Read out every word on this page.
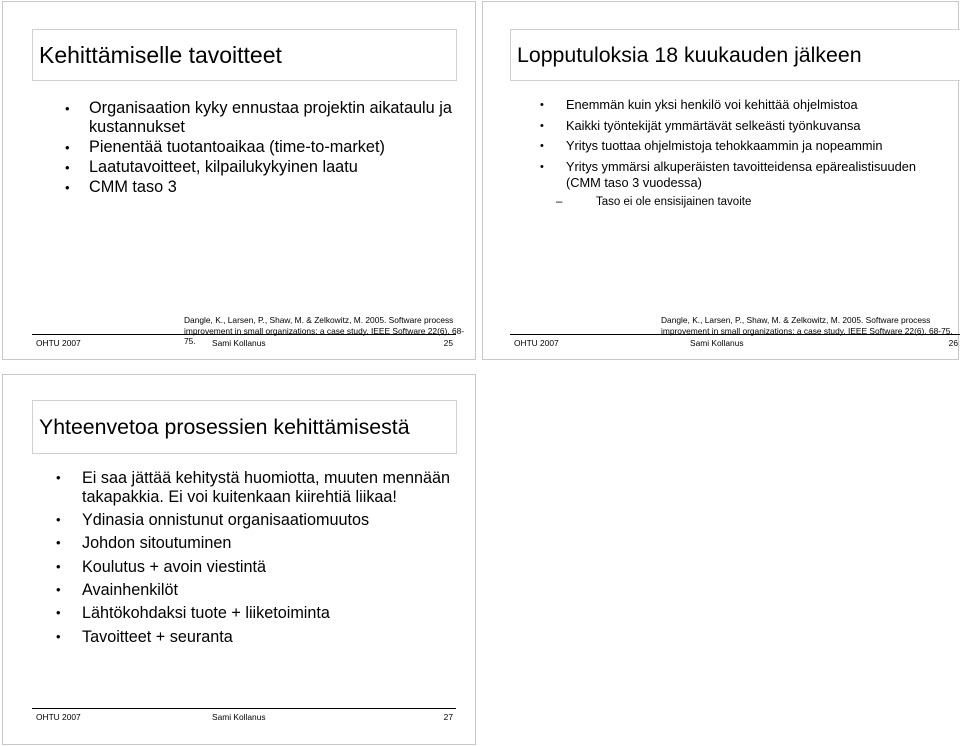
Kehittämiselle tavoitteet
• Organisaation kyky ennustaa projektin aikataulu ja kustannukset
• Pienentää tuotantoaikaa (time-to-market)
• Laatutavoitteet, kilpailukykyinen laatu
• CMM taso 3
Dangle, K., Larsen, P., Shaw, M. & Zelkowitz, M. 2005. Software process
improvement in small organizations: a case study. IEEE Software 22(6), 68-75.
OHTU 2007	Sami Kollanus	25
Lopputuloksia 18 kuukauden jälkeen
• Enemmän kuin yksi henkilö voi kehittää ohjelmistoa
• Kaikki työntekijät ymmärtävät selkeästi työnkuvansa
• Yritys tuottaa ohjelmistoja tehokkaammin ja nopeammin
• Yritys ymmärsi alkuperäisten tavoitteidensa epärealistisuuden (CMM taso 3 vuodessa)
–	Taso ei ole ensisijainen tavoite
Dangle, K., Larsen, P., Shaw, M. & Zelkowitz, M. 2005. Software process
improvement in small organizations: a case study. IEEE Software 22(6), 68-75.
OHTU 2007	Sami Kollanus	26
Yhteenvetoa prosessien kehittämisestä
• Ei saa jättää kehitystä huomiotta, muuten mennään takapakkia. Ei voi kuitenkaan kiirehtiä liikaa!
• Ydinasia onnistunut organisaatiomuutos
• Johdon sitoutuminen
• Koulutus + avoin viestintä
• Avainhenkilöt
• Lähtökohdaksi tuote + liiketoiminta
• Tavoitteet + seuranta
OHTU 2007	Sami Kollanus	27
